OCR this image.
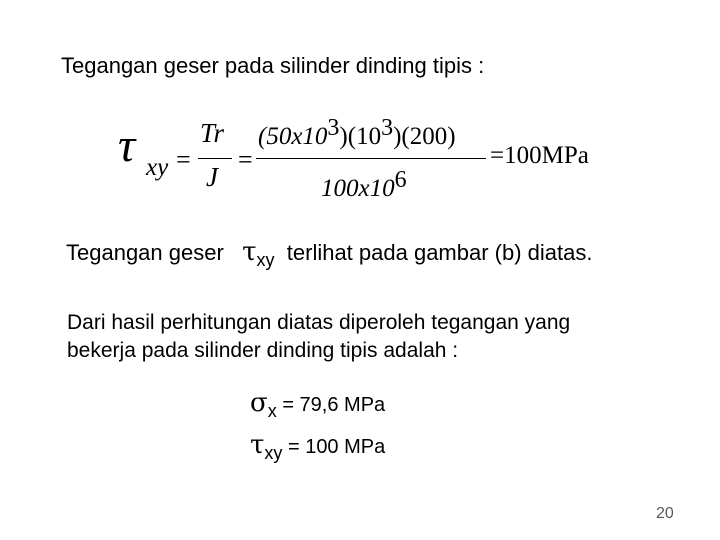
Tegangan geser pada silinder dinding tipis :
τ xy =
Tr
J
=
$(50x10^3)(10^3)(200)$
$100x10^6$
=100MPa
Tegangan geser $\tau_{xy}$ terlihat pada gambar (b) diatas.
Dari hasil perhitungan diatas diperoleh tegangan yang
bekerja pada silinder dinding tipis adalah :
σx = 79,6 MPa
τxy = 100 MPa
20
